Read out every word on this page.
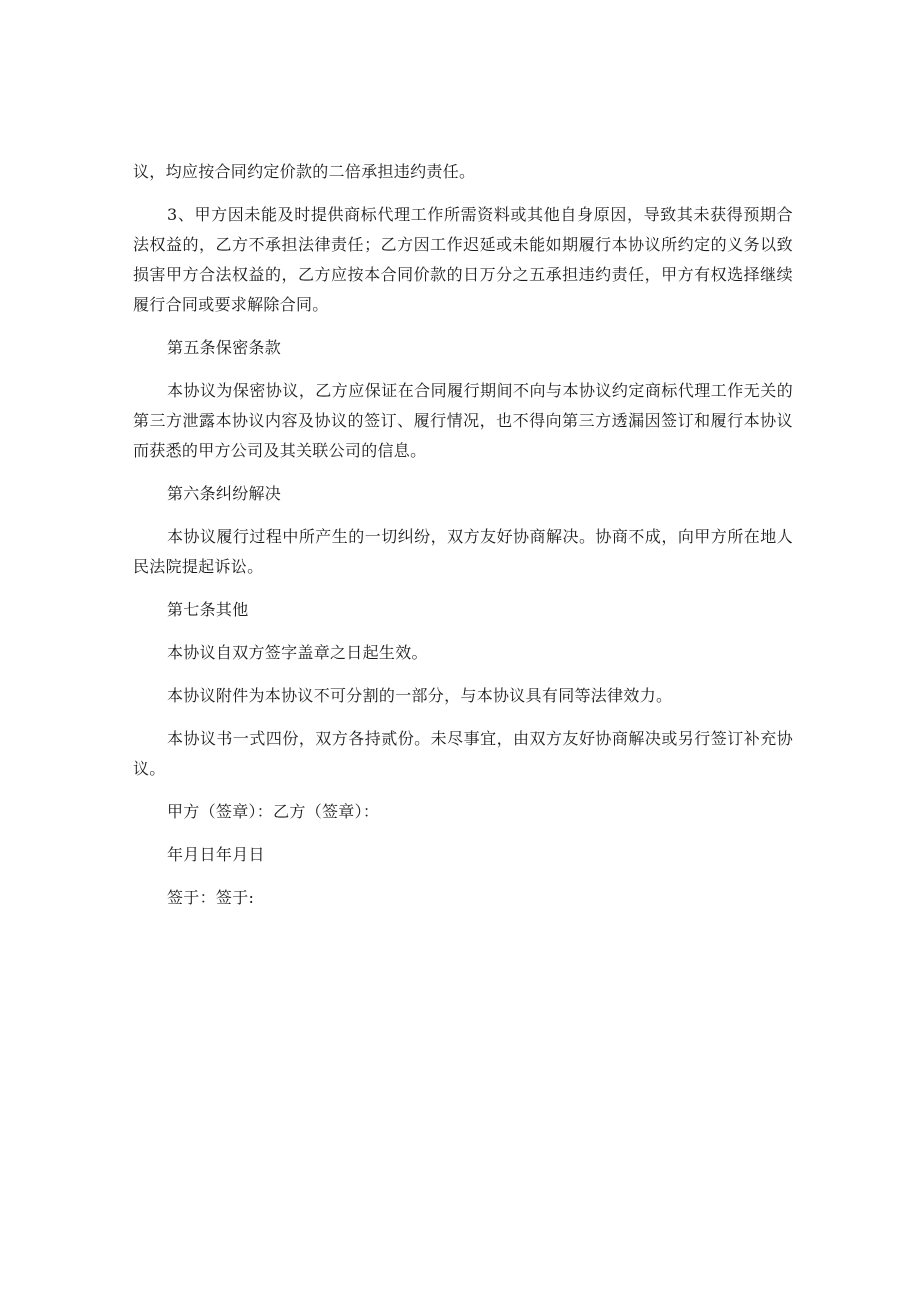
议，均应按合同约定价款的二倍承担违约责任。

3、甲方因未能及时提供商标代理工作所需资料或其他自身原因，导致其未获得预期合法权益的，乙方不承担法律责任；乙方因工作迟延或未能如期履行本协议所约定的义务以致损害甲方合法权益的，乙方应按本合同价款的日万分之五承担违约责任，甲方有权选择继续履行合同或要求解除合同。

第五条保密条款

本协议为保密协议，乙方应保证在合同履行期间不向与本协议约定商标代理工作无关的第三方泄露本协议内容及协议的签订、履行情况，也不得向第三方透漏因签订和履行本协议而获悉的甲方公司及其关联公司的信息。

第六条纠纷解决

本协议履行过程中所产生的一切纠纷，双方友好协商解决。协商不成，向甲方所在地人民法院提起诉讼。

第七条其他

本协议自双方签字盖章之日起生效。

本协议附件为本协议不可分割的一部分，与本协议具有同等法律效力。

本协议书一式四份，双方各持贰份。未尽事宜，由双方友好协商解决或另行签订补充协议。

甲方（签章）：乙方（签章）：

年月日年月日

签于：签于:
